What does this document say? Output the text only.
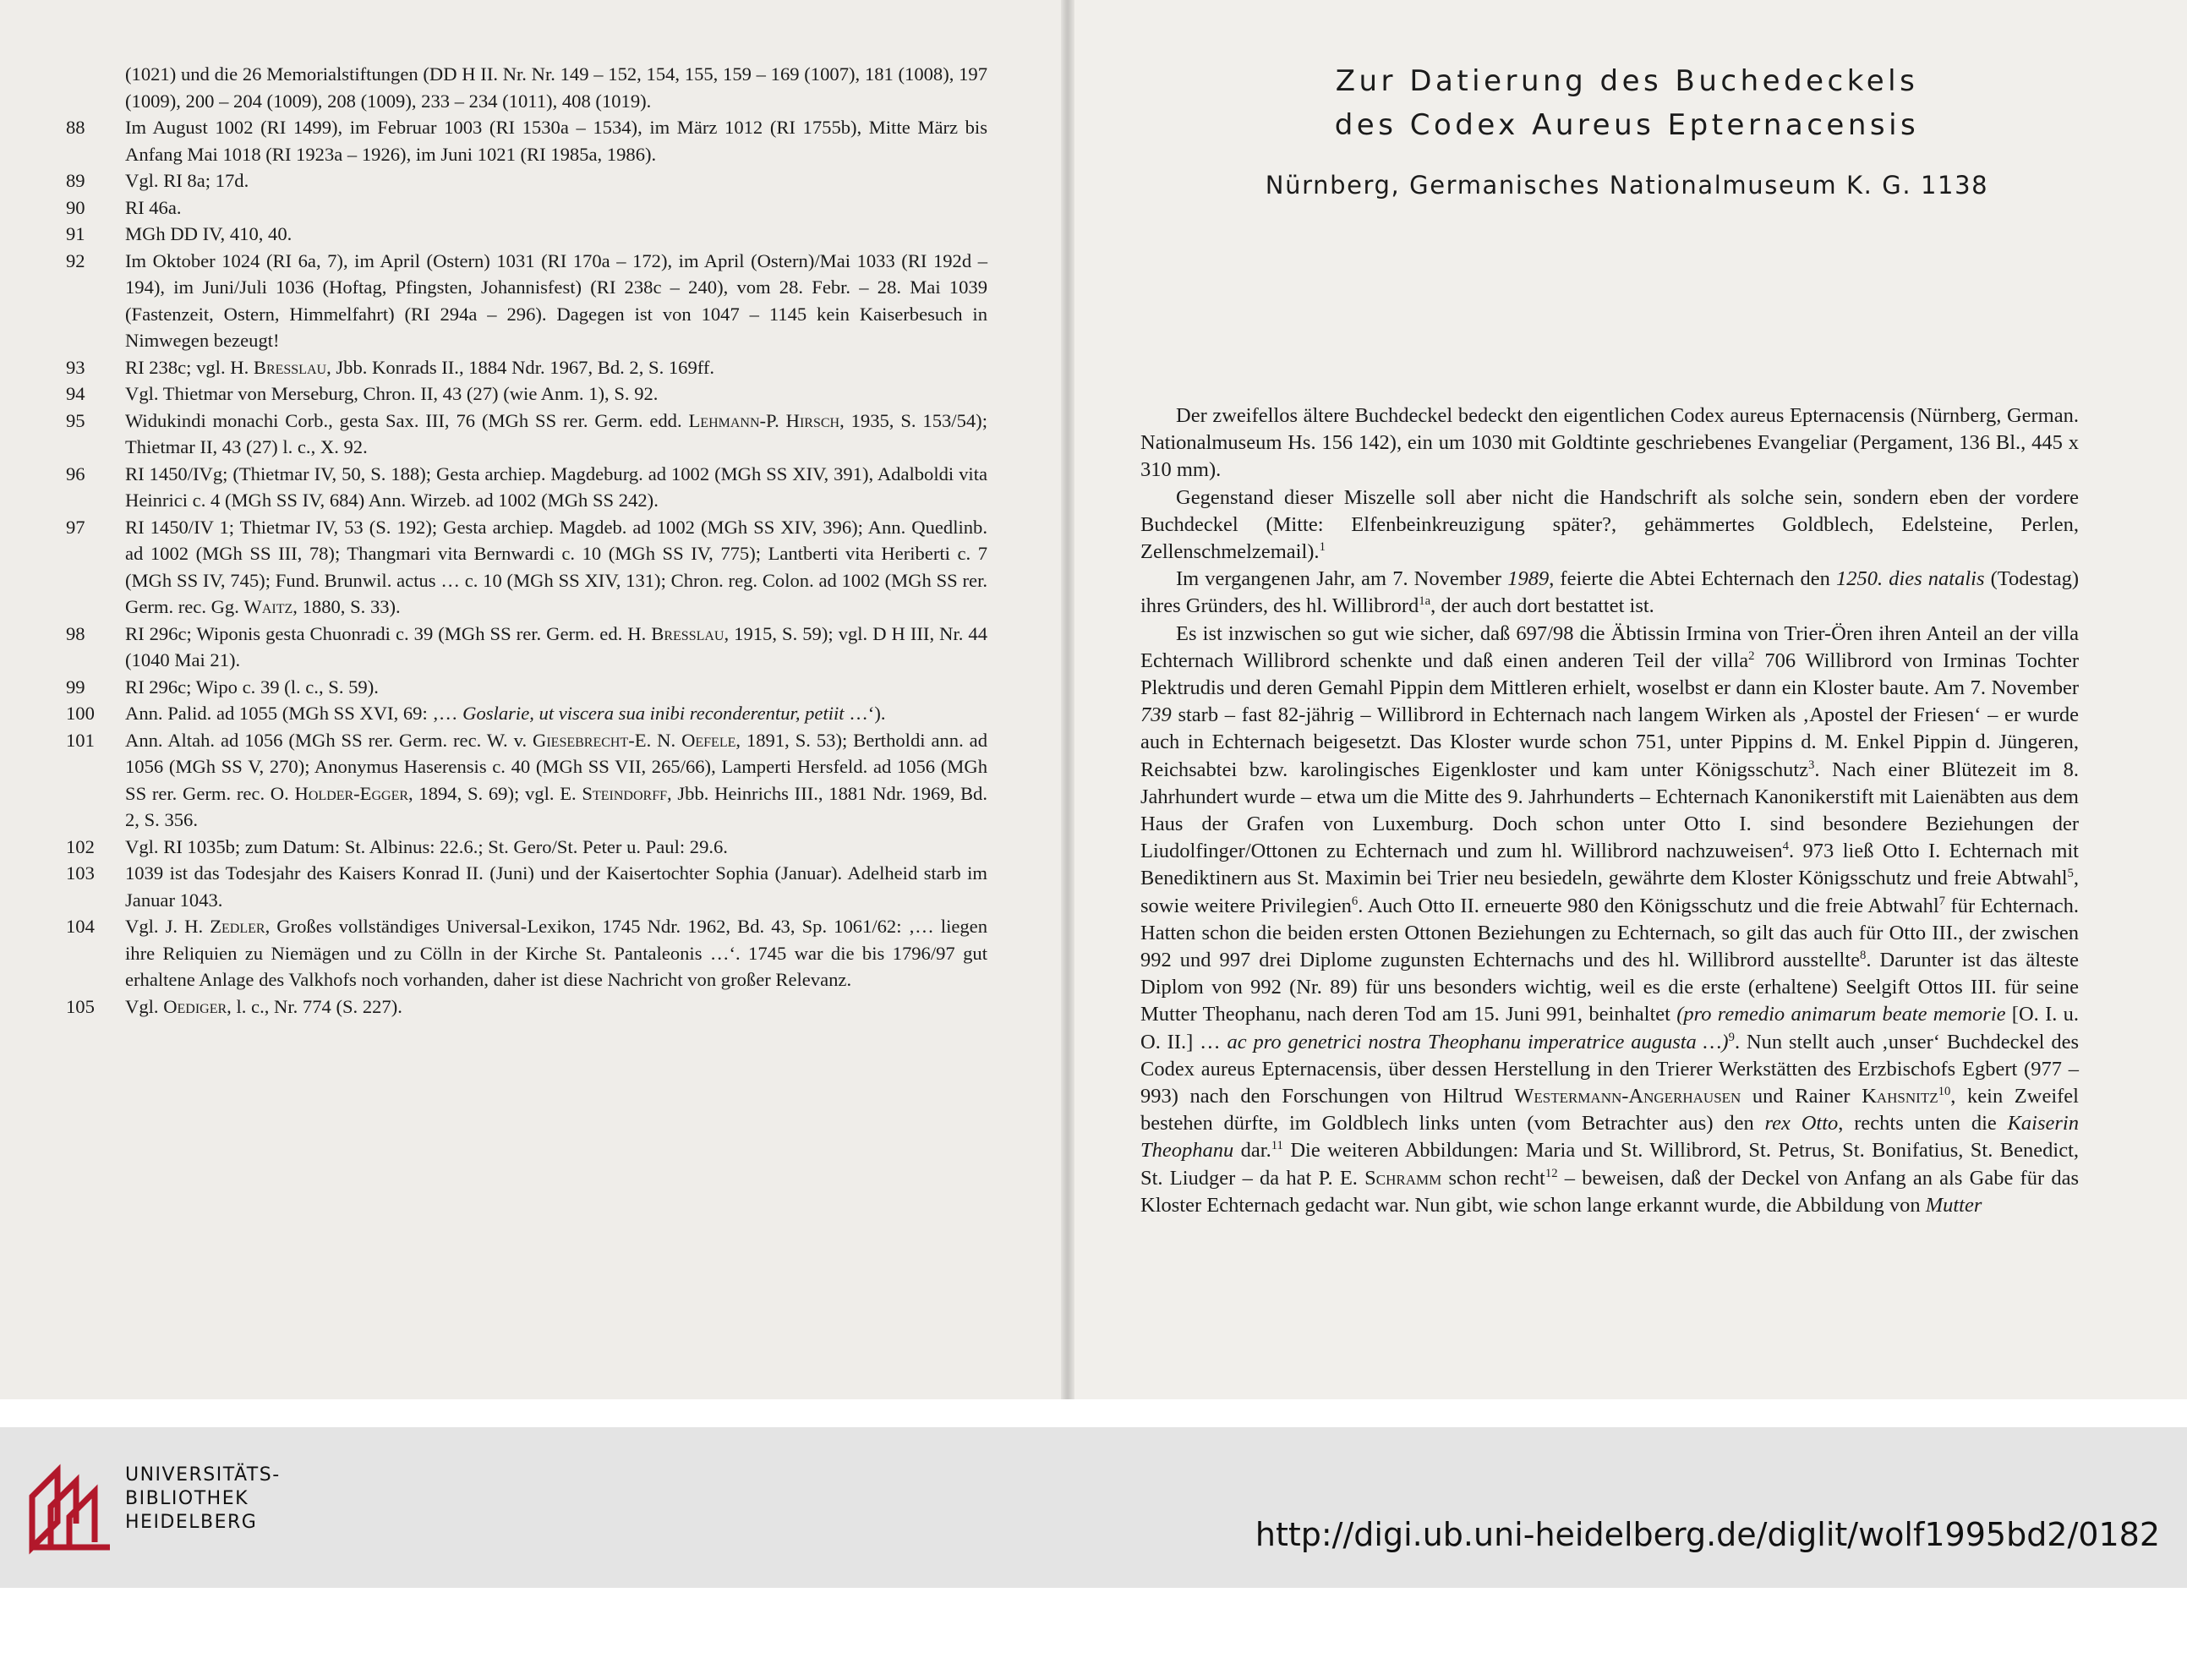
(1021) und die 26 Memorialstiftungen (DD H II. Nr. Nr. 149 – 152, 154, 155, 159 – 169 (1007), 181 (1008), 197 (1009), 200 – 204 (1009), 208 (1009), 233 – 234 (1011), 408 (1019).
88	Im August 1002 (RI 1499), im Februar 1003 (RI 1530a – 1534), im März 1012 (RI 1755b), Mitte März bis Anfang Mai 1018 (RI 1923a – 1926), im Juni 1021 (RI 1985a, 1986).
89	Vgl. RI 8a; 17d.
90	RI 46a.
91	MGh DD IV, 410, 40.
92	Im Oktober 1024 (RI 6a, 7), im April (Ostern) 1031 (RI 170a – 172), im April (Ostern)/Mai 1033 (RI 192d – 194), im Juni/Juli 1036 (Hoftag, Pfingsten, Johannisfest) (RI 238c – 240), vom 28. Febr. – 28. Mai 1039 (Fastenzeit, Ostern, Himmelfahrt) (RI 294a – 296). Dagegen ist von 1047 – 1145 kein Kaiserbesuch in Nimwegen bezeugt!
93	RI 238c; vgl. H. Bresslau, Jbb. Konrads II., 1884 Ndr. 1967, Bd. 2, S. 169ff.
94	Vgl. Thietmar von Merseburg, Chron. II, 43 (27) (wie Anm. 1), S. 92.
95	Widukindi monachi Corb., gesta Sax. III, 76 (MGh SS rer. Germ. edd. Lehmann-P. Hirsch, 1935, S. 153/54); Thietmar II, 43 (27) l. c., X. 92.
96	RI 1450/IVg; (Thietmar IV, 50, S. 188); Gesta archiep. Magdeburg. ad 1002 (MGh SS XIV, 391), Adalboldi vita Heinrici c. 4 (MGh SS IV, 684) Ann. Wirzeb. ad 1002 (MGh SS 242).
97	RI 1450/IV 1; Thietmar IV, 53 (S. 192); Gesta archiep. Magdeb. ad 1002 (MGh SS XIV, 396); Ann. Quedlinb. ad 1002 (MGh SS III, 78); Thangmari vita Bernwardi c. 10 (MGh SS IV, 775); Lantberti vita Heriberti c. 7 (MGh SS IV, 745); Fund. Brunwil. actus … c. 10 (MGh SS XIV, 131); Chron. reg. Colon. ad 1002 (MGh SS rer. Germ. rec. Gg. Waitz, 1880, S. 33).
98	RI 296c; Wiponis gesta Chuonradi c. 39 (MGh SS rer. Germ. ed. H. Bresslau, 1915, S. 59); vgl. D H III, Nr. 44 (1040 Mai 21).
99	RI 296c; Wipo c. 39 (l. c., S. 59).
100	Ann. Palid. ad 1055 (MGh SS XVI, 69: ‚… Goslarie, ut viscera sua inibi reconderentur, petiit …‘).
101	Ann. Altah. ad 1056 (MGh SS rer. Germ. rec. W. v. Giesebrecht-E. N. Oefele, 1891, S. 53); Bertholdi ann. ad 1056 (MGh SS V, 270); Anonymus Haserensis c. 40 (MGh SS VII, 265/66), Lamperti Hersfeld. ad 1056 (MGh SS rer. Germ. rec. O. Holder-Egger, 1894, S. 69); vgl. E. Steindorff, Jbb. Heinrichs III., 1881 Ndr. 1969, Bd. 2, S. 356.
102	Vgl. RI 1035b; zum Datum: St. Albinus: 22.6.; St. Gero/St. Peter u. Paul: 29.6.
103	1039 ist das Todesjahr des Kaisers Konrad II. (Juni) und der Kaisertochter Sophia (Januar). Adelheid starb im Januar 1043.
104	Vgl. J. H. Zedler, Großes vollständiges Universal-Lexikon, 1745 Ndr. 1962, Bd. 43, Sp. 1061/62: ‚… liegen ihre Reliquien zu Niemägen und zu Cölln in der Kirche St. Pantaleonis …‘. 1745 war die bis 1796/97 gut erhaltene Anlage des Valkhofs noch vorhanden, daher ist diese Nachricht von großer Relevanz.
105	Vgl. Oediger, l. c., Nr. 774 (S. 227).
Zur Datierung des Buchedeckels
des Codex Aureus Epternacensis
Nürnberg, Germanisches Nationalmuseum K. G. 1138

Der zweifellos ältere Buchdeckel bedeckt den eigentlichen Codex aureus Epternacensis (Nürnberg, German. Nationalmuseum Hs. 156 142), ein um 1030 mit Goldtinte geschriebenes Evangeliar (Pergament, 136 Bl., 445 x 310 mm).

Gegenstand dieser Miszelle soll aber nicht die Handschrift als solche sein, sondern eben der vordere Buchdeckel (Mitte: Elfenbeinkreuzigung später?, gehämmertes Goldblech, Edelsteine, Perlen, Zellenschmelzemail).$^1$

Im vergangenen Jahr, am 7. November 1989, feierte die Abtei Echternach den 1250. dies natalis (Todestag) ihres Gründers, des hl. Willibrord$^{1a}$, der auch dort bestattet ist.

Es ist inzwischen so gut wie sicher, daß 697/98 die Äbtissin Irmina von Trier-Ören ihren Anteil an der villa Echternach Willibrord schenkte und daß einen anderen Teil der villa$^2$ 706 Willibrord von Irminas Tochter Plektrudis und deren Gemahl Pippin dem Mittleren erhielt, woselbst er dann ein Kloster baute. Am 7. November 739 starb – fast 82-jährig – Willibrord in Echternach nach langem Wirken als ‚Apostel der Friesen‘ – er wurde auch in Echternach beigesetzt. Das Kloster wurde schon 751, unter Pippins d. M. Enkel Pippin d. Jüngeren, Reichsabtei bzw. karolingisches Eigenkloster und kam unter Königsschutz$^3$. Nach einer Blütezeit im 8. Jahrhundert wurde – etwa um die Mitte des 9. Jahrhunderts – Echternach Kanonikerstift mit Laienäbten aus dem Haus der Grafen von Luxemburg. Doch schon unter Otto I. sind besondere Beziehungen der Liudolfinger/Ottonen zu Echternach und zum hl. Willibrord nachzuweisen$^4$. 973 ließ Otto I. Echternach mit Benediktinern aus St. Maximin bei Trier neu besiedeln, gewährte dem Kloster Königsschutz und freie Abtwahl$^5$, sowie weitere Privilegien$^6$. Auch Otto II. erneuerte 980 den Königsschutz und die freie Abtwahl$^7$ für Echternach. Hatten schon die beiden ersten Ottonen Beziehungen zu Echternach, so gilt das auch für Otto III., der zwischen 992 und 997 drei Diplome zugunsten Echternachs und des hl. Willibrord ausstellte$^8$. Darunter ist das älteste Diplom von 992 (Nr. 89) für uns besonders wichtig, weil es die erste (erhaltene) Seelgift Ottos III. für seine Mutter Theophanu, nach deren Tod am 15. Juni 991, beinhaltet (pro remedio animarum beate memorie [O. I. u. O. II.] … ac pro genetrici nostra Theophanu imperatrice augusta …)$^9$. Nun stellt auch ‚unser‘ Buchdeckel des Codex aureus Epternacensis, über dessen Herstellung in den Trierer Werkstätten des Erzbischofs Egbert (977 – 993) nach den Forschungen von Hiltrud Westermann-Angerhausen und Rainer Kahsnitz$^{10}$, kein Zweifel bestehen dürfte, im Goldblech links unten (vom Betrachter aus) den rex Otto, rechts unten die Kaiserin Theophanu dar.$^{11}$ Die weiteren Abbildungen: Maria und St. Willibrord, St. Petrus, St. Bonifatius, St. Benedict, St. Liudger – da hat P. E. Schramm schon recht$^{12}$ – beweisen, daß der Deckel von Anfang an als Gabe für das Kloster Echternach gedacht war. Nun gibt, wie schon lange erkannt wurde, die Abbildung von Mutter

UNIVERSITÄTS-
BIBLIOTHEK
HEIDELBERG	http://digi.ub.uni-heidelberg.de/diglit/wolf1995bd2/0182
